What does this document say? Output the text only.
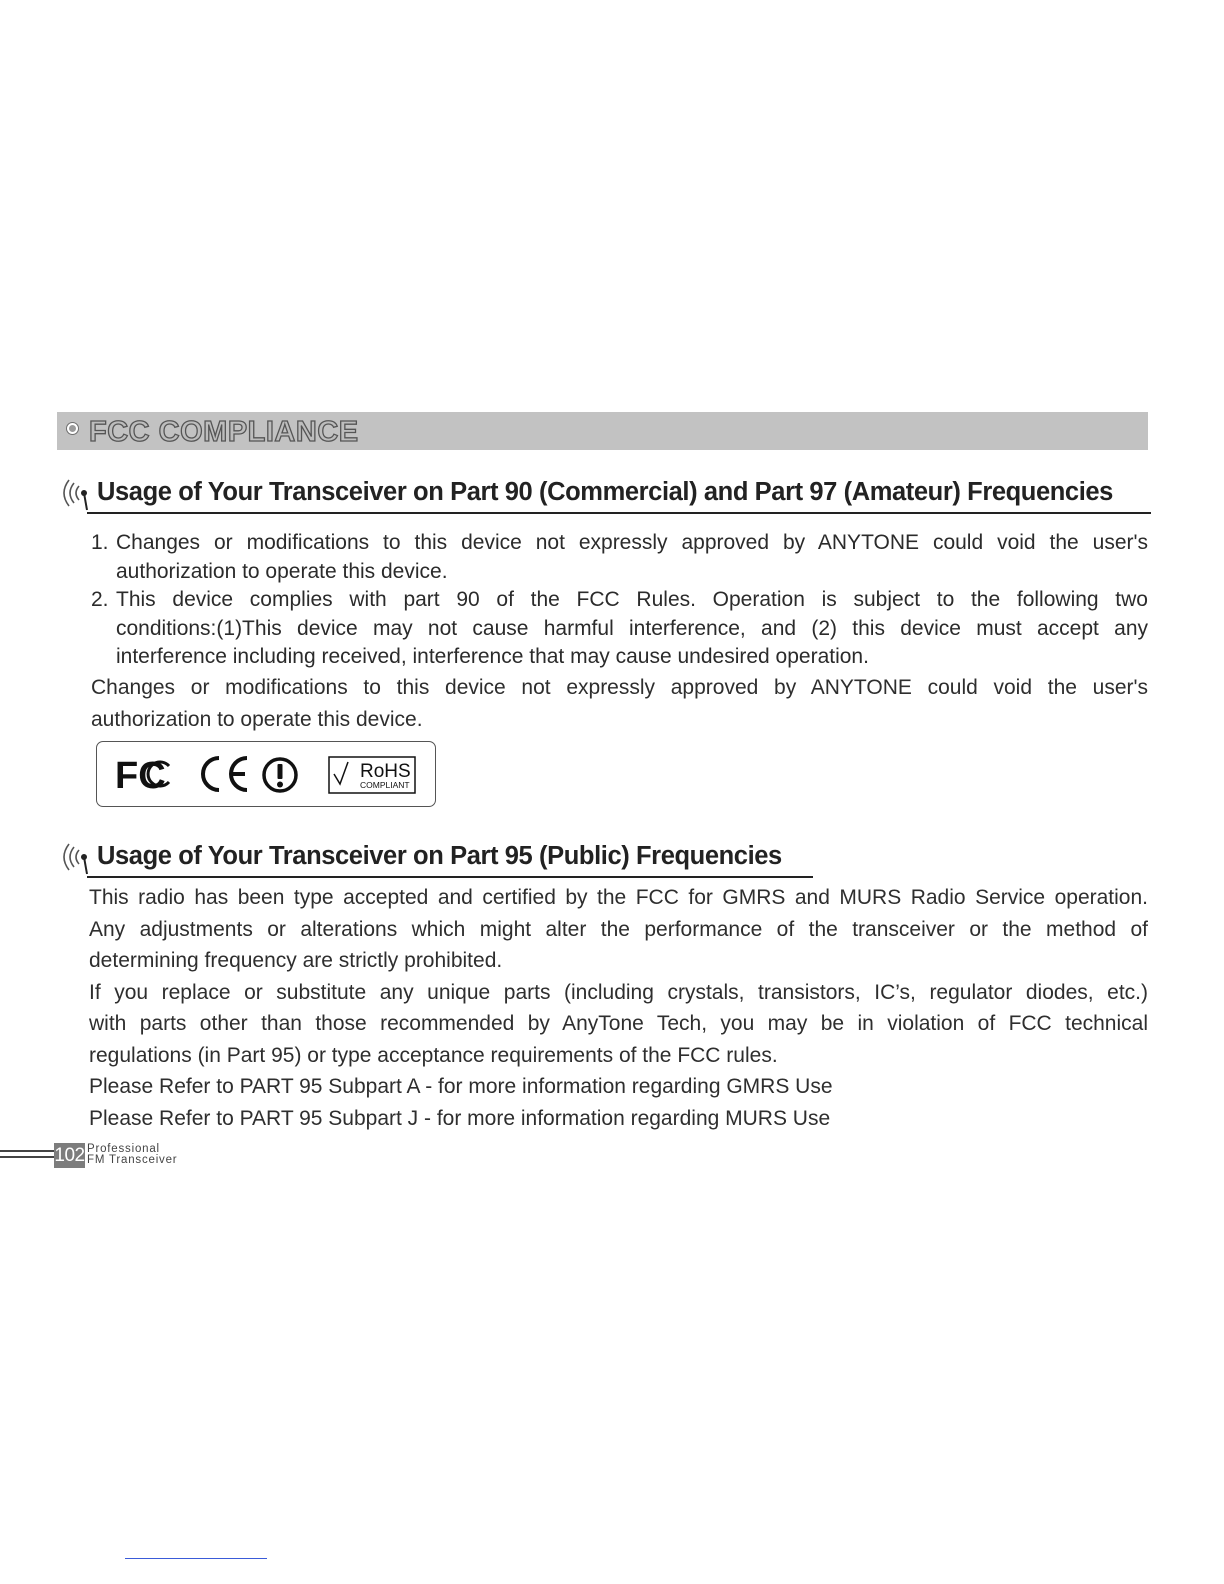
FCC COMPLIANCE
Usage of Your Transceiver on Part 90 (Commercial) and Part 97 (Amateur) Frequencies
1. Changes or modifications to this device not expressly approved by ANYTONE could void the user's
authorization to operate this device.
2. This device complies with part 90 of the FCC Rules. Operation is subject to the following two
conditions:(1)This device may not cause harmful interference, and (2) this device must accept any
interference including received, interference that may cause undesired operation.
Changes or modifications to this device not expressly approved by ANYTONE could void the user's
authorization to operate this device.
FC	RoHS
COMPLIANT
Usage of Your Transceiver on Part 95 (Public) Frequencies
This radio has been type accepted and certified by the FCC for GMRS and MURS Radio Service operation.
Any adjustments or alterations which might alter the performance of the transceiver or the method of
determining frequency are strictly prohibited.
If you replace or substitute any unique parts (including crystals, transistors, IC’s, regulator diodes, etc.)
with parts other than those recommended by AnyTone Tech, you may be in violation of FCC technical
regulations (in Part 95) or type acceptance requirements of the FCC rules.
Please Refer to PART 95 Subpart A - for more information regarding GMRS Use
Please Refer to PART 95 Subpart J - for more information regarding MURS Use
102 Professional
FM Transceiver
